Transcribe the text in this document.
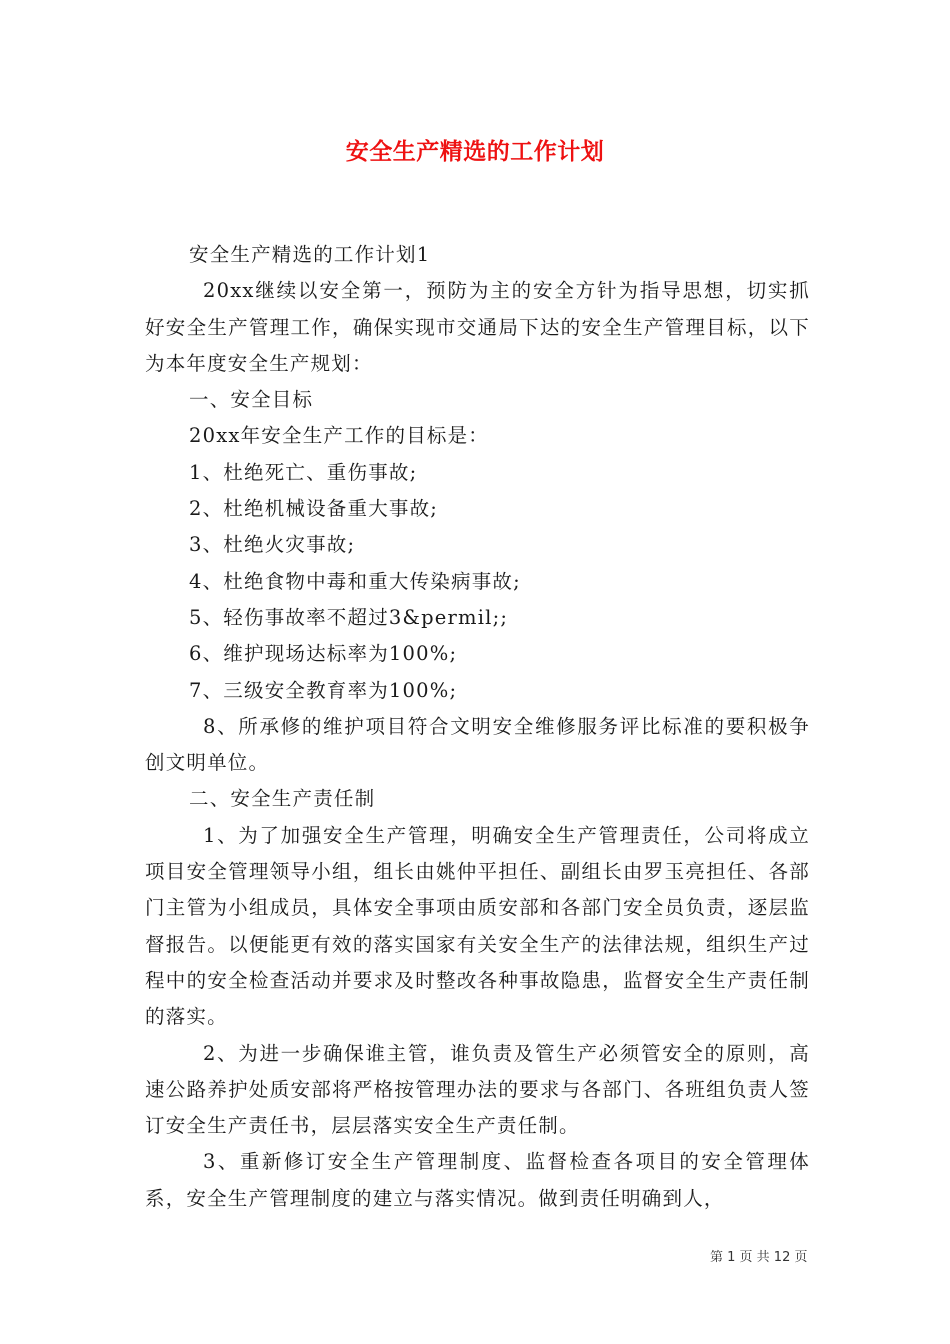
安全生产精选的工作计划

安全生产精选的工作计划1

20xx继续以安全第一，预防为主的安全方针为指导思想，切实抓好安全生产管理工作，确保实现市交通局下达的安全生产管理目标，以下为本年度安全生产规划：

一、安全目标

20xx年安全生产工作的目标是：

1、杜绝死亡、重伤事故;

2、杜绝机械设备重大事故;

3、杜绝火灾事故;

4、杜绝食物中毒和重大传染病事故;

5、轻伤事故率不超过3&permil;;

6、维护现场达标率为100%;

7、三级安全教育率为100%;

8、所承修的维护项目符合文明安全维修服务评比标准的要积极争创文明单位。

二、安全生产责任制

1、为了加强安全生产管理，明确安全生产管理责任，公司将成立项目安全管理领导小组，组长由姚仲平担任、副组长由罗玉亮担任、各部门主管为小组成员，具体安全事项由质安部和各部门安全员负责，逐层监督报告。以便能更有效的落实国家有关安全生产的法律法规，组织生产过程中的安全检查活动并要求及时整改各种事故隐患，监督安全生产责任制的落实。

2、为进一步确保谁主管，谁负责及管生产必须管安全的原则，高速公路养护处质安部将严格按管理办法的要求与各部门、各班组负责人签订安全生产责任书，层层落实安全生产责任制。

3、重新修订安全生产管理制度、监督检查各项目的安全管理体系，安全生产管理制度的建立与落实情况。做到责任明确到人，

第 1 页 共 12 页
